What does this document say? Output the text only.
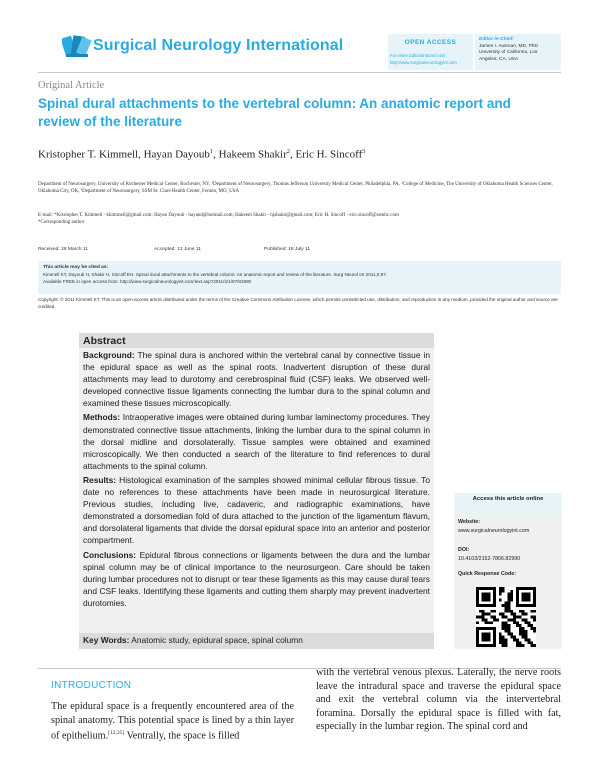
Surgical Neurology International	OPEN ACCESS
For entire Editorial Board visit :
http://www.surgicalneurologyint.com
Editor-in-Chief:
James I. Ausman, MD, PhD
University of California, Los
Angeles, CA, USA
Original Article
Spinal dural attachments to the vertebral column: An anatomic report and review of the literature
Kristopher T. Kimmell, Hayan Dayoub$^1$, Hakeem Shakir$^2$, Eric H. Sincoff$^3$
Department of Neurosurgery, University of Rochester Medical Center, Rochester, NY, ¹Department of Neurosurgery, Thomas Jefferson University Medical Center, Philadelphia, PA, ²College of Medicine, The University of Oklahoma Health Sciences Center, Oklahoma City, OK, ³Department of Neurosurgery, SSM St. Clare Health Center, Fenton, MO, USA
E-mail: *Kristopher T. Kimmell - kkimmell@gmail.com; Hayan Dayoub - hayand@hotmail.com; Hakeem Shakir - hjshakir@gmail.com; Eric H. Sincoff - eric.sincoff@ssmhc.com
*Corresponding author
Received: 28 March 11	Accepted: 13 June 11	Published: 18 July 11
This article may be cited as:
Kimmell KT, Dayoub H, Shakir H, Sincoff EH. Spinal dural attachments to the vertebral column: An anatomic report and review of the literature. Surg Neurol Int 2011;2:97.
Available FREE in open access from: http://www.surgicalneurologyint.com/text.asp?2011/2/1/97/82990
Copyright: © 2011 Kimmell KT. This is an open-access article distributed under the terms of the Creative Commons Attribution License, which permits unrestricted use, distribution, and reproduction in any medium, provided the original author and source are credited.
Abstract

Background: The spinal dura is anchored within the vertebral canal by connective tissue in the epidural space as well as the spinal roots. Inadvertent disruption of these dural attachments may lead to durotomy and cerebrospinal fluid (CSF) leaks. We observed well-developed connective tissue ligaments connecting the lumbar dura to the spinal column and examined these tissues microscopically.

Methods: Intraoperative images were obtained during lumbar laminectomy procedures. They demonstrated connective tissue attachments, linking the lumbar dura to the spinal column in the dorsal midline and dorsolaterally. Tissue samples were obtained and examined microscopically. We then conducted a search of the literature to find references to dural attachments to the spinal column.

Results: Histological examination of the samples showed minimal cellular fibrous tissue. To date no references to these attachments have been made in neurosurgical literature. Previous studies, including live, cadaveric, and radiographic examinations, have demonstrated a dorsomedian fold of dura attached to the junction of the ligamentum flavum, and dorsolateral ligaments that divide the dorsal epidural space into an anterior and posterior compartment.

Conclusions: Epidural fibrous connections or ligaments between the dura and the lumbar spinal column may be of clinical importance to the neurosurgeon. Care should be taken during lumbar procedures not to disrupt or tear these ligaments as this may cause dural tears and CSF leaks. Identifying these ligaments and cutting them sharply may prevent inadvertent durotomies.

Key Words: Anatomic study, epidural space, spinal column
Access this article online
Website:
www.surgicalneurologyint.com
DOI:
10.4103/2152-7806.82990
Quick Response Code:
INTRODUCTION
The epidural space is a frequently encountered area of the spinal anatomy. This potential space is lined by a thin layer of epithelium.[12,35] Ventrally, the space is filled
with the vertebral venous plexus. Laterally, the nerve roots leave the intradural space and traverse the epidural space and exit the vertebral column via the intervertebral foramina. Dorsally the epidural space is filled with fat, especially in the lumbar region. The spinal cord and
